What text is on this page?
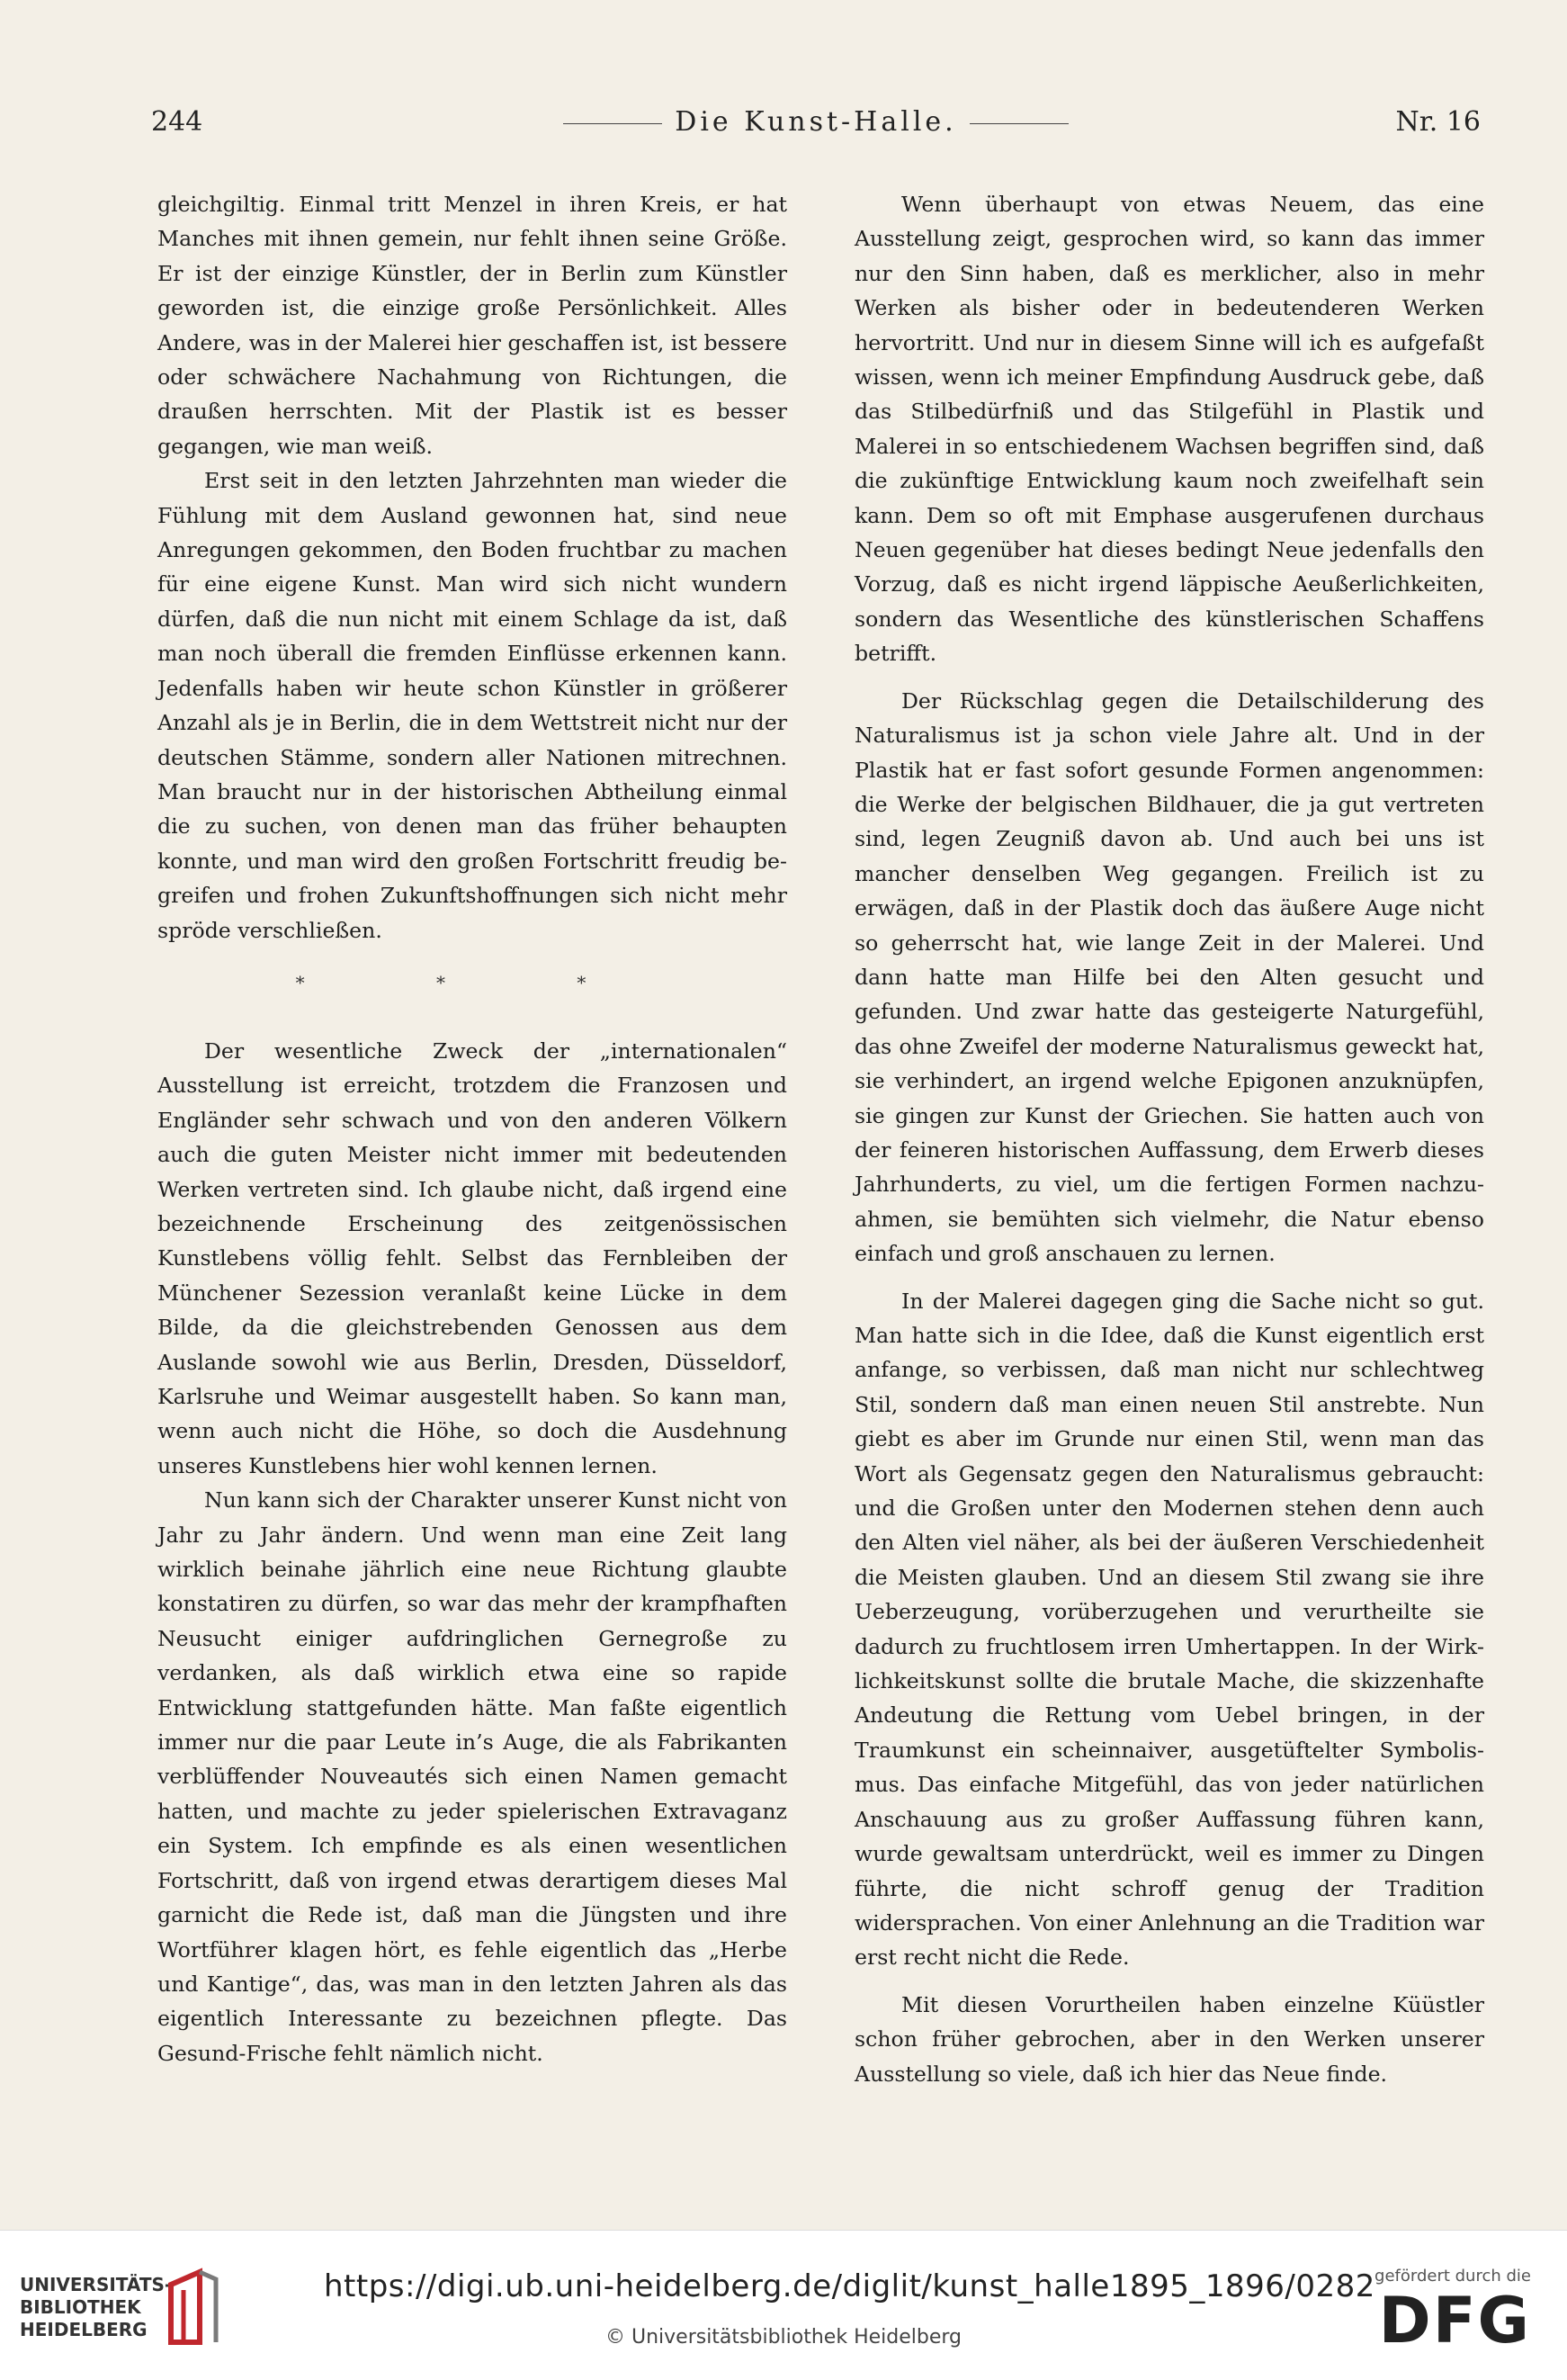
244	Die Kunst-Halle.	Nr. 16

gleichgiltig. Einmal tritt Menzel in ihren Kreis, er hat Manches mit ihnen gemein, nur fehlt ihnen seine Größe. Er ist der einzige Künstler, der in Berlin zum Künstler geworden ist, die einzige große Persönlichkeit. Alles Andere, was in der Malerei hier geschaffen ist, ist bessere oder schwächere Nachahmung von Richtungen, die draußen herrschten. Mit der Plastik ist es besser gegangen, wie man weiß.

Erst seit in den letzten Jahrzehnten man wieder die Fühlung mit dem Ausland gewonnen hat, sind neue Anregungen gekommen, den Boden fruchtbar zu machen für eine eigene Kunst. Man wird sich nicht wundern dürfen, daß die nun nicht mit einem Schlage da ist, daß man noch überall die fremden Einflüsse erkennen kann. Jedenfalls haben wir heute schon Künstler in größerer Anzahl als je in Berlin, die in dem Wettstreit nicht nur der deutschen Stämme, sondern aller Nationen mitrechnen. Man braucht nur in der historischen Abtheilung einmal die zu suchen, von denen man das früher behaupten konnte, und man wird den großen Fortschritt freudig begreifen und frohen Zukunftshoffnungen sich nicht mehr spröde verschließen.

* * *

Der wesentliche Zweck der „internationalen“ Ausstellung ist erreicht, trotzdem die Franzosen und Engländer sehr schwach und von den anderen Völkern auch die guten Meister nicht immer mit bedeutenden Werken vertreten sind. Ich glaube nicht, daß irgend eine bezeichnende Erscheinung des zeitgenössischen Kunstlebens völlig fehlt. Selbst das Fernbleiben der Münchener Sezession veranlaßt keine Lücke in dem Bilde, da die gleichstrebenden Genossen aus dem Auslande sowohl wie aus Berlin, Dresden, Düsseldorf, Karlsruhe und Weimar ausgestellt haben. So kann man, wenn auch nicht die Höhe, so doch die Ausdehnung unseres Kunstlebens hier wohl kennen lernen.

Nun kann sich der Charakter unserer Kunst nicht von Jahr zu Jahr ändern. Und wenn man eine Zeit lang wirklich beinahe jährlich eine neue Richtung glaubte konstatiren zu dürfen, so war das mehr der krampfhaften Neusucht einiger aufdringlichen Gernegroße zu verdanken, als daß wirklich etwa eine so rapide Entwicklung stattgefunden hätte. Man faßte eigentlich immer nur die paar Leute in’s Auge, die als Fabrikanten verblüffender Nouveautés sich einen Namen gemacht hatten, und machte zu jeder spielerischen Extravaganz ein System. Ich empfinde es als einen wesentlichen Fortschritt, daß von irgend etwas derartigem dieses Mal garnicht die Rede ist, daß man die Jüngsten und ihre Wortführer klagen hört, es fehle eigentlich das „Herbe und Kantige“, das, was man in den letzten Jahren als das eigentlich Interessante zu bezeichnen pflegte. Das Gesund-Frische fehlt nämlich nicht.

Wenn überhaupt von etwas Neuem, das eine Ausstellung zeigt, gesprochen wird, so kann das immer nur den Sinn haben, daß es merklicher, also in mehr Werken als bisher oder in bedeutenderen Werken hervortritt. Und nur in diesem Sinne will ich es aufgefaßt wissen, wenn ich meiner Empfindung Ausdruck gebe, daß das Stilbedürfniß und das Stilgefühl in Plastik und Malerei in so entschiedenem Wachsen begriffen sind, daß die zukünftige Entwicklung kaum noch zweifelhaft sein kann. Dem so oft mit Emphase ausgerufenen durchaus Neuen gegenüber hat dieses bedingt Neue jedenfalls den Vorzug, daß es nicht irgend läppische Aeußerlichkeiten, sondern das Wesentliche des künstlerischen Schaffens betrifft.

Der Rückschlag gegen die Detailschilderung des Naturalismus ist ja schon viele Jahre alt. Und in der Plastik hat er fast sofort gesunde Formen angenommen: die Werke der belgischen Bildhauer, die ja gut vertreten sind, legen Zeugniß davon ab. Und auch bei uns ist mancher denselben Weg gegangen. Freilich ist zu erwägen, daß in der Plastik doch das äußere Auge nicht so geherrscht hat, wie lange Zeit in der Malerei. Und dann hatte man Hilfe bei den Alten gesucht und gefunden. Und zwar hatte das gesteigerte Naturgefühl, das ohne Zweifel der moderne Naturalismus geweckt hat, sie verhindert, an irgend welche Epigonen anzuknüpfen, sie gingen zur Kunst der Griechen. Sie hatten auch von der feineren historischen Auffassung, dem Erwerb dieses Jahrhunderts, zu viel, um die fertigen Formen nachzuahmen, sie bemühten sich vielmehr, die Natur ebenso einfach und groß anschauen zu lernen.

In der Malerei dagegen ging die Sache nicht so gut. Man hatte sich in die Idee, daß die Kunst eigentlich erst anfange, so verbissen, daß man nicht nur schlechtweg Stil, sondern daß man einen neuen Stil anstrebte. Nun giebt es aber im Grunde nur einen Stil, wenn man das Wort als Gegensatz gegen den Naturalismus gebraucht: und die Großen unter den Modernen stehen denn auch den Alten viel näher, als bei der äußeren Verschiedenheit die Meisten glauben. Und an diesem Stil zwang sie ihre Ueberzeugung, vorüberzugehen und verurtheilte sie dadurch zu fruchtlosem irren Umhertappen. In der Wirklichkeitskunst sollte die brutale Mache, die skizzenhafte Andeutung die Rettung vom Uebel bringen, in der Traumkunst ein scheinnaiver, ausgetüftelter Symbolismus. Das einfache Mitgefühl, das von jeder natürlichen Anschauung aus zu großer Auffassung führen kann, wurde gewaltsam unterdrückt, weil es immer zu Dingen führte, die nicht schroff genug der Tradition widersprachen. Von einer Anlehnung an die Tradition war erst recht nicht die Rede.

Mit diesen Vorurtheilen haben einzelne Küüstler schon früher gebrochen, aber in den Werken unserer Ausstellung so viele, daß ich hier das Neue finde.

UNIVERSITÄTS-
BIBLIOTHEK
HEIDELBERG
https://digi.ub.uni-heidelberg.de/diglit/kunst_halle1895_1896/0282
© Universitätsbibliothek Heidelberg
gefördert durch die
DFG
